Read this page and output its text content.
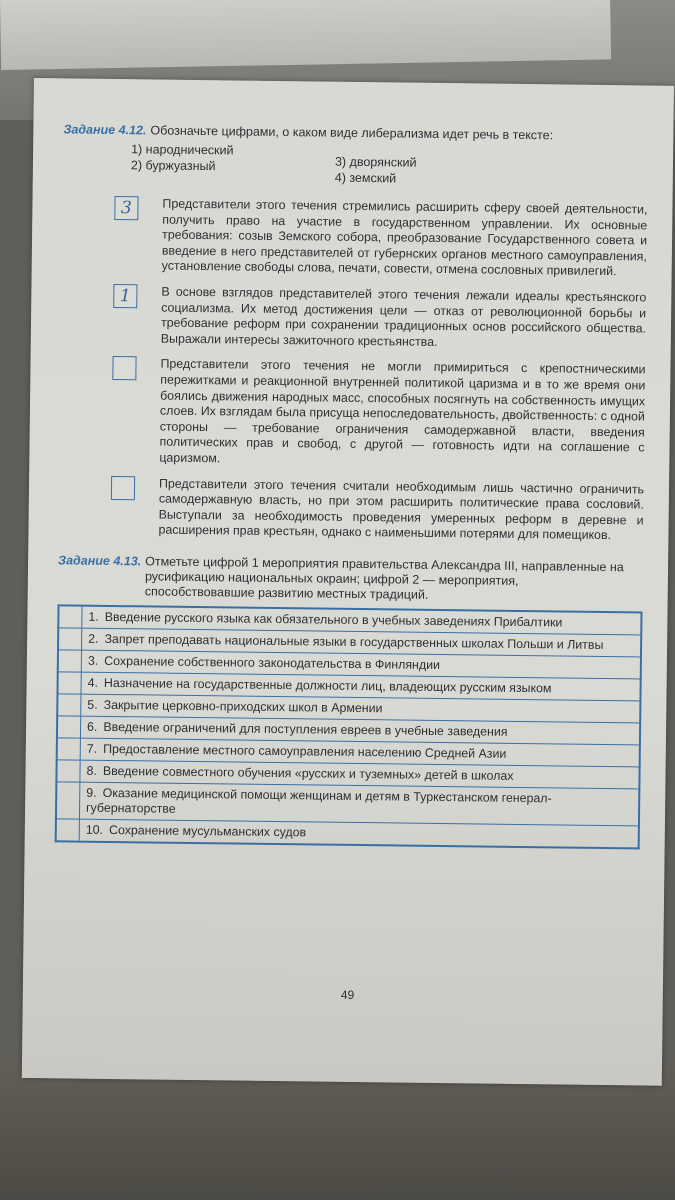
Задание 4.12. Обозначьте цифрами, о каком виде либерализма идет речь в тексте:

1) народнический
2) буржуазный	3) дворянский
4) земский
3	Представители этого течения стремились расширить сферу своей деятельности, получить право на участие в государственном управлении. Их основные требования: созыв Земского собора, преобразование Государственного совета и введение в него представителей от губернских органов местного самоуправления, установление свободы слова, печати, совести, отмена сословных привилегий.
1	В основе взглядов представителей этого течения лежали идеалы крестьянского социализма. Их метод достижения цели — отказ от революционной борьбы и требование реформ при сохранении традиционных основ российского общества. Выражали интересы зажиточного крестьянства.
Представители этого течения не могли примириться с крепостническими пережитками и реакционной внутренней политикой царизма и в то же время они боялись движения народных масс, способных посягнуть на собственность имущих слоев. Их взглядам была присуща непоследовательность, двойственность: с одной стороны — требование ограничения самодержавной власти, введения политических прав и свобод, с другой — готовность идти на соглашение с царизмом.
Представители этого течения считали необходимым лишь частично ограничить самодержавную власть, но при этом расширить политические права сословий. Выступали за необходимость проведения умеренных реформ в деревне и расширения прав крестьян, однако с наименьшими потерями для помещиков.

Задание 4.13. Отметьте цифрой 1 мероприятия правительства Александра III, направленные на русификацию национальных окраин; цифрой 2 — мероприятия, способствовавшие развитию местных традиций.

	1. Введение русского языка как обязательного в учебных заведениях Прибалтики
	2. Запрет преподавать национальные языки в государственных школах Польши и Литвы
	3. Сохранение собственного законодательства в Финляндии
	4. Назначение на государственные должности лиц, владеющих русским языком
	5. Закрытие церковно-приходских школ в Армении
	6. Введение ограничений для поступления евреев в учебные заведения
	7. Предоставление местного самоуправления населению Средней Азии
	8. Введение совместного обучения «русских и туземных» детей в школах
	9. Оказание медицинской помощи женщинам и детям в Туркестанском генерал-губернаторстве
	10. Сохранение мусульманских судов
49
